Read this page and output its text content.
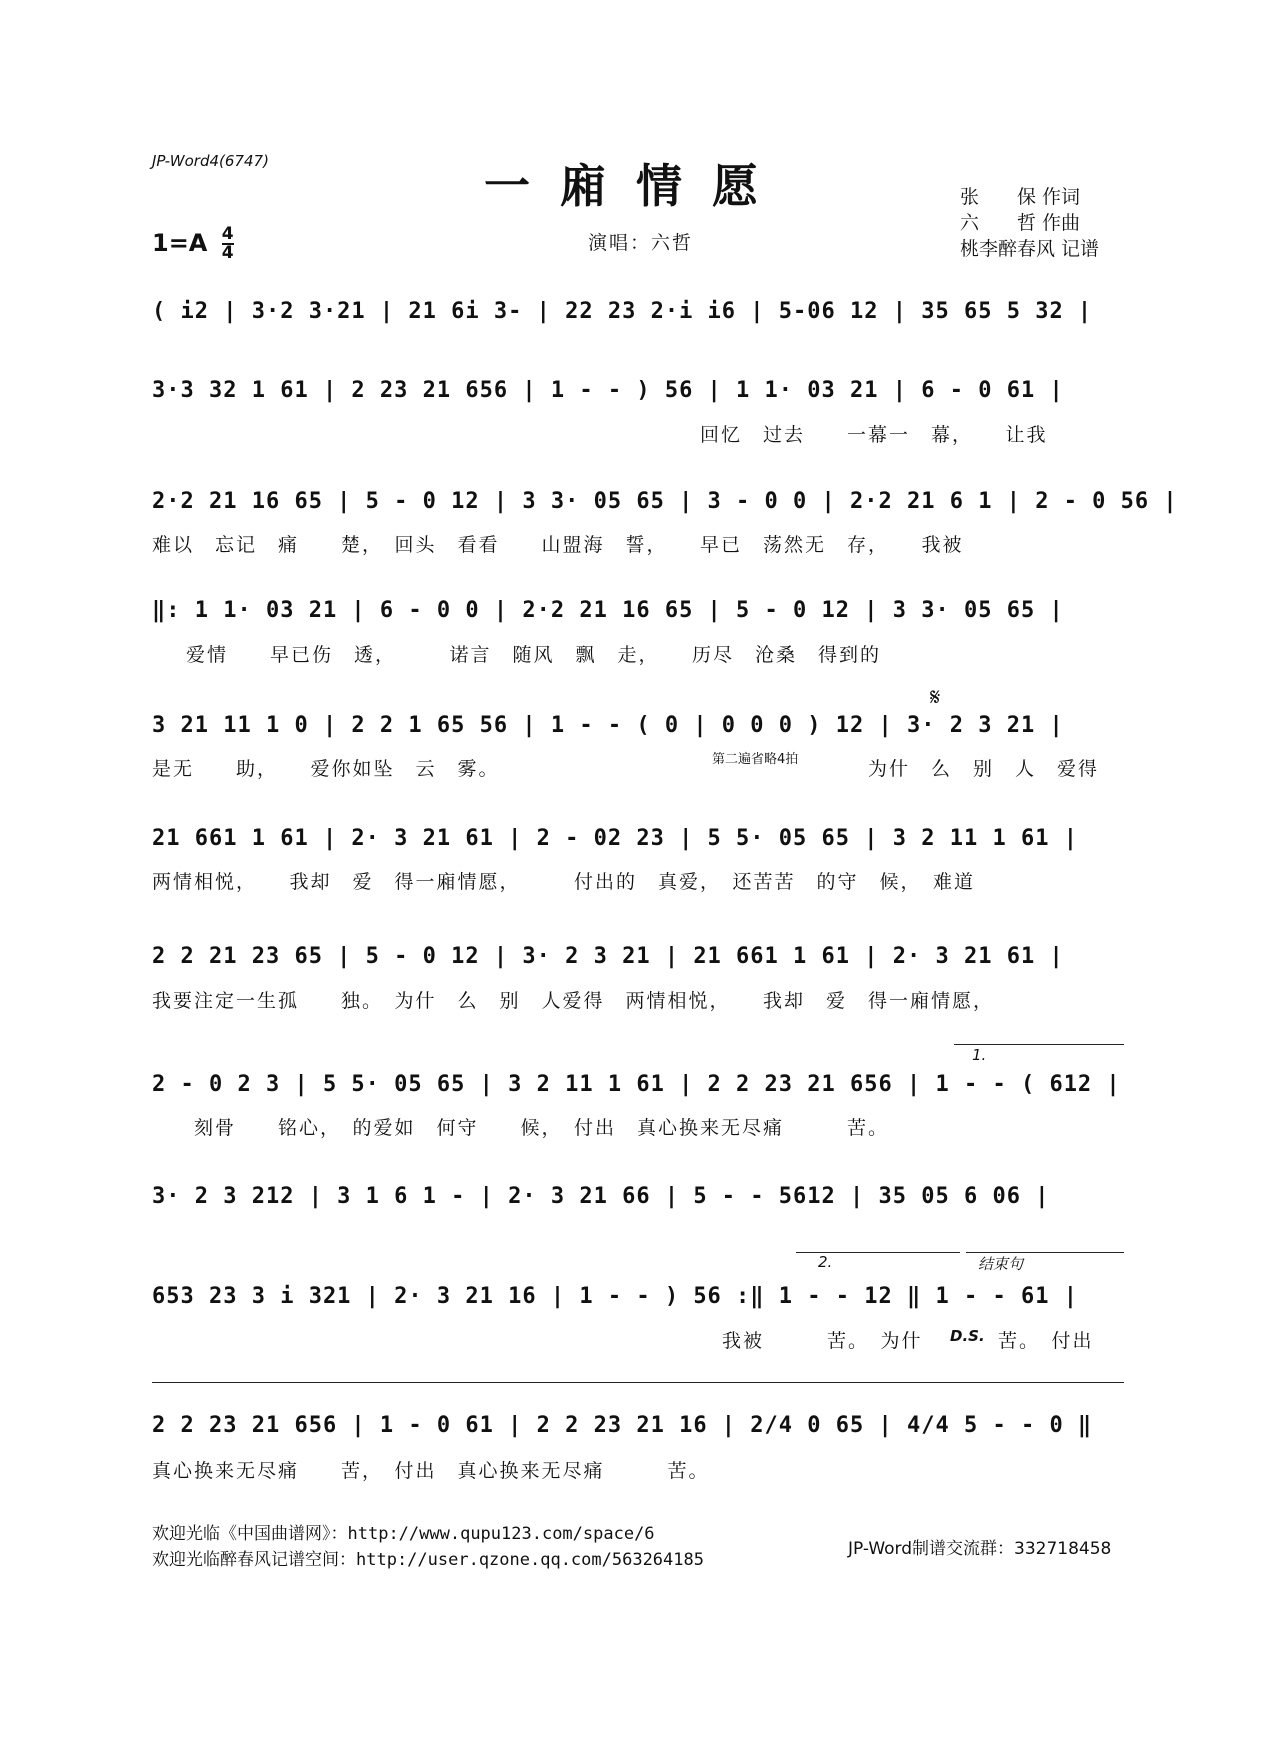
JP-Word4(6747)	一廂情愿
$1=A \frac{4}{4}$	演唱：六哲
张　　保 作词
六　　哲 作曲
桃李醉春风 记谱
( i2 | 3·2 3·21 | 21 6i 3- | 22 23 2·i i6 | 5-06 12 | 35 65 5 32 |
3·3 32 1 61 | 2 23 21 656 | 1 - - ) 56 | 1 1· 03 21 | 6 - 0 61 |
回忆　过去　　一幕一　幕，　　让我
2·2 21 16 65 | 5 - 0 12 | 3 3· 05 65 | 3 - 0 0 | 2·2 21 6 1 | 2 - 0 56 |
难以　忘记　痛　　楚，　回头　看看　　山盟海　誓，　　早已　荡然无　存，　　我被
‖: 1 1· 03 21 | 6 - 0 0 | 2·2 21 16 65 | 5 - 0 12 | 3 3· 05 65 |
爱情　　早已伤　透，　　　诺言　随风　飘　走，　　历尽　沧桑　得到的
𝄋
3 21 11 1 0 | 2 2 1 65 56 | 1 - - ( 0 | 0 0 0 ) 12 | 3· 2 3 21 |
是无　　助，　　爱你如坠　云　雾。	第二遍省略4拍	为什　么　别　人　爱得
21 661 1 61 | 2· 3 21 61 | 2 - 02 23 | 5 5· 05 65 | 3 2 11 1 61 |
两情相悦，　　我却　爱　得一廂情愿，　　　付出的　真爱，　还苦苦　的守　候，　难道
2 2 21 23 65 | 5 - 0 12 | 3· 2 3 21 | 21 661 1 61 | 2· 3 21 61 |
我要注定一生孤　　独。　为什　么　别　人爱得　两情相悦，　　我却　爱　得一廂情愿，
1.
2 - 0 2 3 | 5 5· 05 65 | 3 2 11 1 61 | 2 2 23 21 656 | 1 - - ( 612 |
　　刻骨　　铭心，　的爱如　何守　　候，　付出　真心换来无尽痛　　　苦。
3· 2 3 212 | 3 1 6 1 - | 2· 3 21 66 | 5 - - 5612 | 35 05 6 06 |
2.	结束句
653 23 3 i 321 | 2· 3 21 16 | 1 - - ) 56 :‖ 1 - - 12 ‖ 1 - - 61 |
我被　　　苦。　为什 D.S. 苦。　付出
2 2 23 21 656 | 1 - 0 61 | 2 2 23 21 16 | 2/4 0 65 | 4/4 5 - - 0 ‖
真心换来无尽痛　　苦，　付出　真心换来无尽痛　　　苦。
欢迎光临《中国曲谱网》：http://www.qupu123.com/space/6
欢迎光临醉春风记谱空间：http://user.qzone.qq.com/563264185
JP-Word制谱交流群：332718458
